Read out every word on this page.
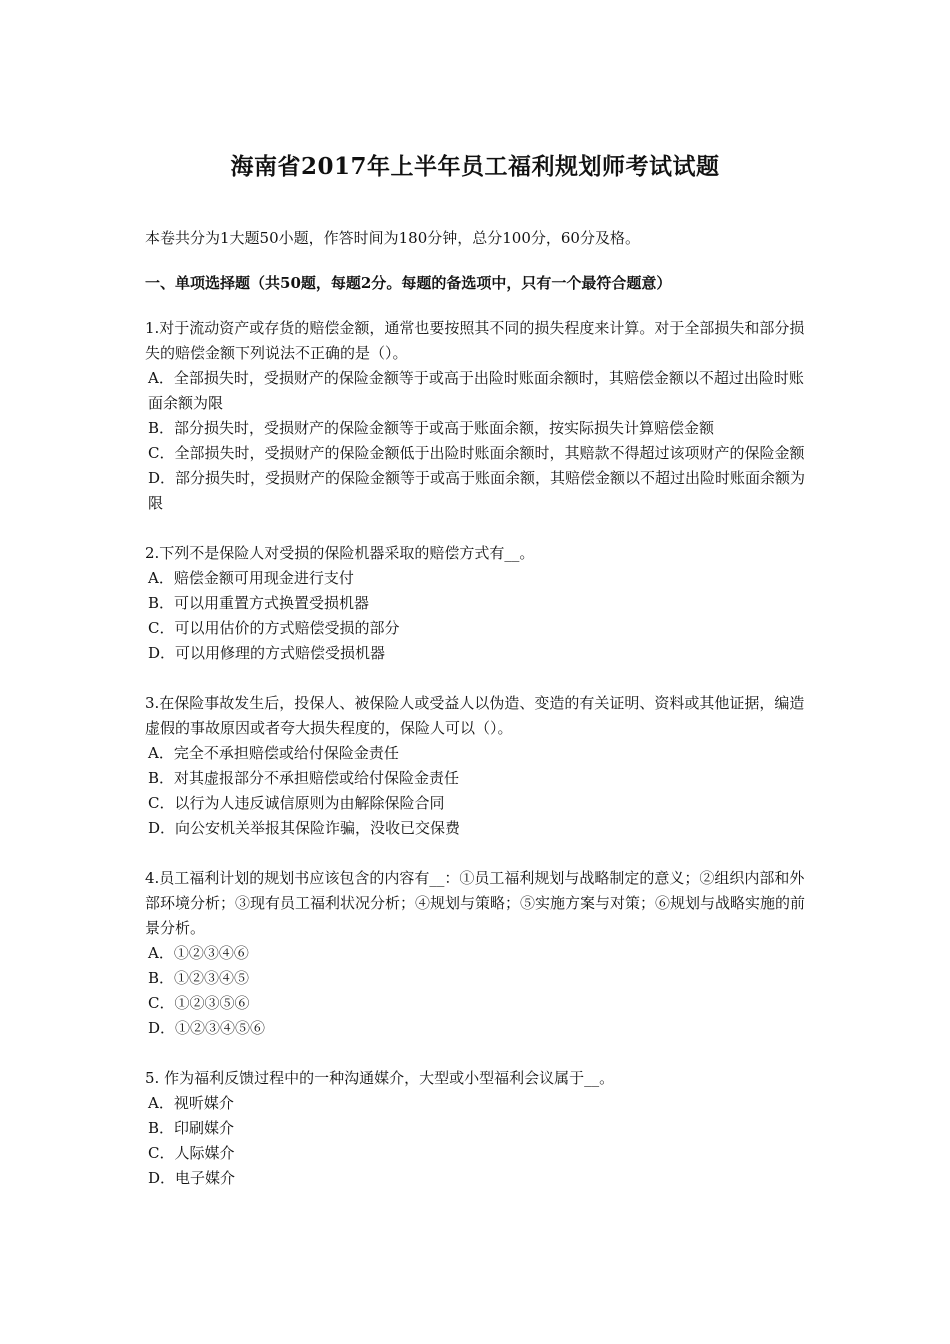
海南省2017年上半年员工福利规划师考试试题

本卷共分为1大题50小题，作答时间为180分钟，总分100分，60分及格。

一、单项选择题（共50题，每题2分。每题的备选项中，只有一个最符合题意）

1.对于流动资产或存货的赔偿金额，通常也要按照其不同的损失程度来计算。对于全部损失和部分损失的赔偿金额下列说法不正确的是（）。

A．全部损失时，受损财产的保险金额等于或高于出险时账面余额时，其赔偿金额以不超过出险时账面余额为限

B．部分损失时，受损财产的保险金额等于或高于账面余额，按实际损失计算赔偿金额

C．全部损失时，受损财产的保险金额低于出险时账面余额时，其赔款不得超过该项财产的保险金额

D．部分损失时，受损财产的保险金额等于或高于账面余额，其赔偿金额以不超过出险时账面余额为限

2.下列不是保险人对受损的保险机器采取的赔偿方式有__。

A．赔偿金额可用现金进行支付

B．可以用重置方式换置受损机器

C．可以用估价的方式赔偿受损的部分

D．可以用修理的方式赔偿受损机器

3.在保险事故发生后，投保人、被保险人或受益人以伪造、变造的有关证明、资料或其他证据，编造虚假的事故原因或者夸大损失程度的，保险人可以（）。

A．完全不承担赔偿或给付保险金责任

B．对其虚报部分不承担赔偿或给付保险金责任

C．以行为人违反诚信原则为由解除保险合同

D．向公安机关举报其保险诈骗，没收已交保费

4.员工福利计划的规划书应该包含的内容有__：①员工福利规划与战略制定的意义；②组织内部和外部环境分析；③现有员工福利状况分析；④规划与策略；⑤实施方案与对策；⑥规划与战略实施的前景分析。

A．①②③④⑥

B．①②③④⑤

C．①②③⑤⑥

D．①②③④⑤⑥

5. 作为福利反馈过程中的一种沟通媒介，大型或小型福利会议属于__。

A．视听媒介

B．印刷媒介

C．人际媒介

D．电子媒介
